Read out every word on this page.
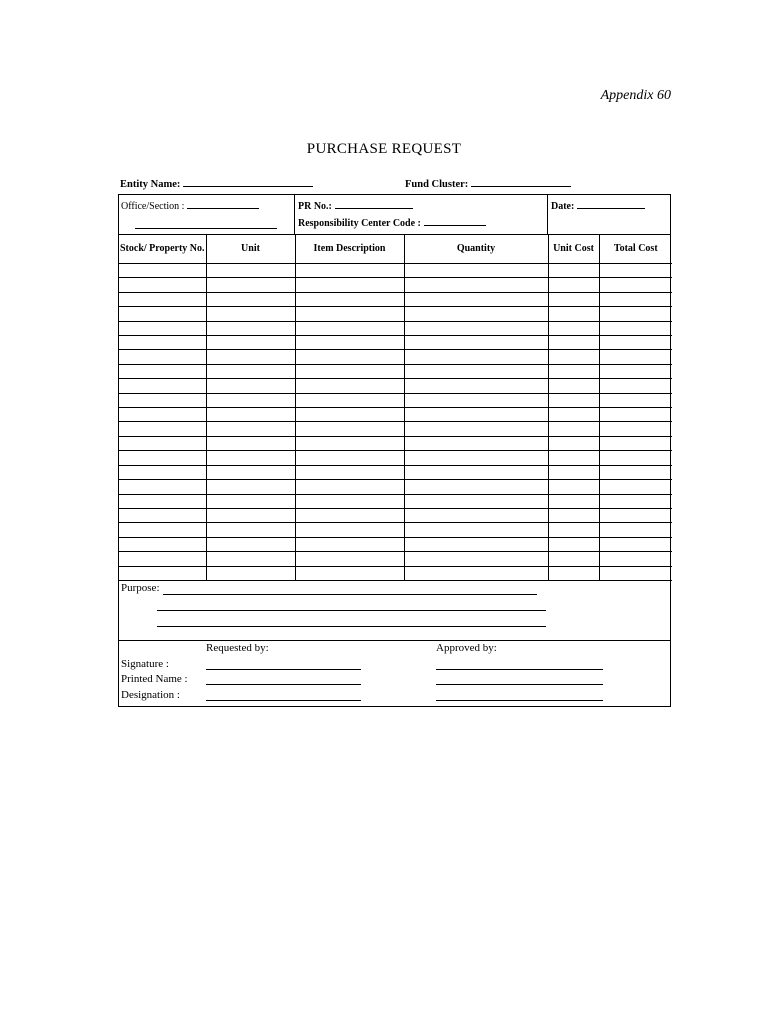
Appendix 60
PURCHASE REQUEST
Entity Name:	Fund Cluster:
Office/Section :	PR No.:
Responsibility Center Code :
Date:
Stock/ Property No.	Unit	Item Description	Quantity	Unit Cost	Total Cost

Purpose:
Requested by:	Approved by:
Signature :
Printed Name :
Designation :
